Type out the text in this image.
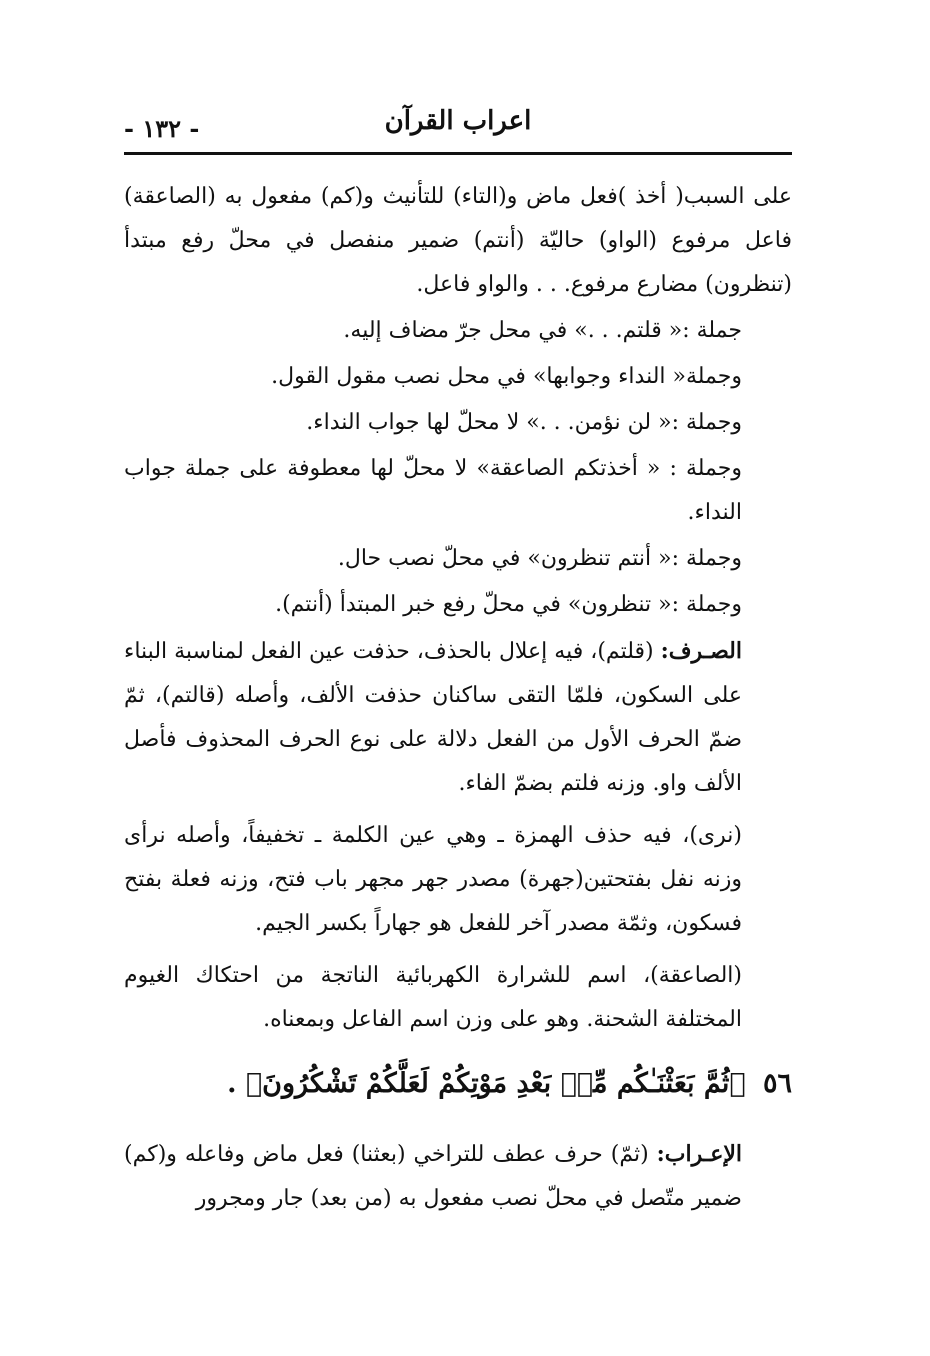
اعراب القرآن
- ١٣٢ -

على السبب( أخذ )فعل ماض و(التاء) للتأنيث و(كم) مفعول به (الصاعقة) فاعل مرفوع (الواو) حاليّة (أنتم) ضمير منفصل في محلّ رفع مبتدأ (تنظرون) مضارع مرفوع. . . والواو فاعل.

جملة :« قلتم. . .» في محل جرّ مضاف إليه.

وجملة« النداء وجوابها» في محل نصب مقول القول.

وجملة :« لن نؤمن. . .» لا محلّ لها جواب النداء.

وجملة : « أخذتكم الصاعقة» لا محلّ لها معطوفة على جملة جواب النداء.

وجملة :« أنتم تنظرون» في محلّ نصب حال.

وجملة :« تنظرون» في محلّ رفع خبر المبتدأ (أنتم).

الصـرف: (قلتم)، فيه إعلال بالحذف، حذفت عين الفعل لمناسبة البناء على السكون، فلمّا التقى ساكنان حذفت الألف، وأصله (قالتم)، ثمّ ضمّ الحرف الأول من الفعل دلالة على نوع الحرف المحذوف فأصل الألف واو. وزنه فلتم بضمّ الفاء.

(نرى)، فيه حذف الهمزة ـ وهي عين الكلمة ـ تخفيفاً، وأصله نرأى وزنه نفل بفتحتين(جهرة) مصدر جهر مجهر باب فتح، وزنه فعلة بفتح فسكون، وثمّة مصدر آخر للفعل هو جهاراً بكسر الجيم.

(الصاعقة)، اسم للشرارة الكهربائية الناتجة من احتكاك الغيوم المختلفة الشحنة. وهو على وزن اسم الفاعل وبمعناه.

٥٦ ﴿ثُمَّ بَعَثْنَـٰكُم مِّنۢ بَعْدِ مَوْتِكُمْ لَعَلَّكُمْ تَشْكُرُونَ﴾ .

الإعـراب: (ثمّ) حرف عطف للتراخي (بعثنا) فعل ماض وفاعله و(كم) ضمير متّصل في محلّ نصب مفعول به (من بعد) جار ومجرور
